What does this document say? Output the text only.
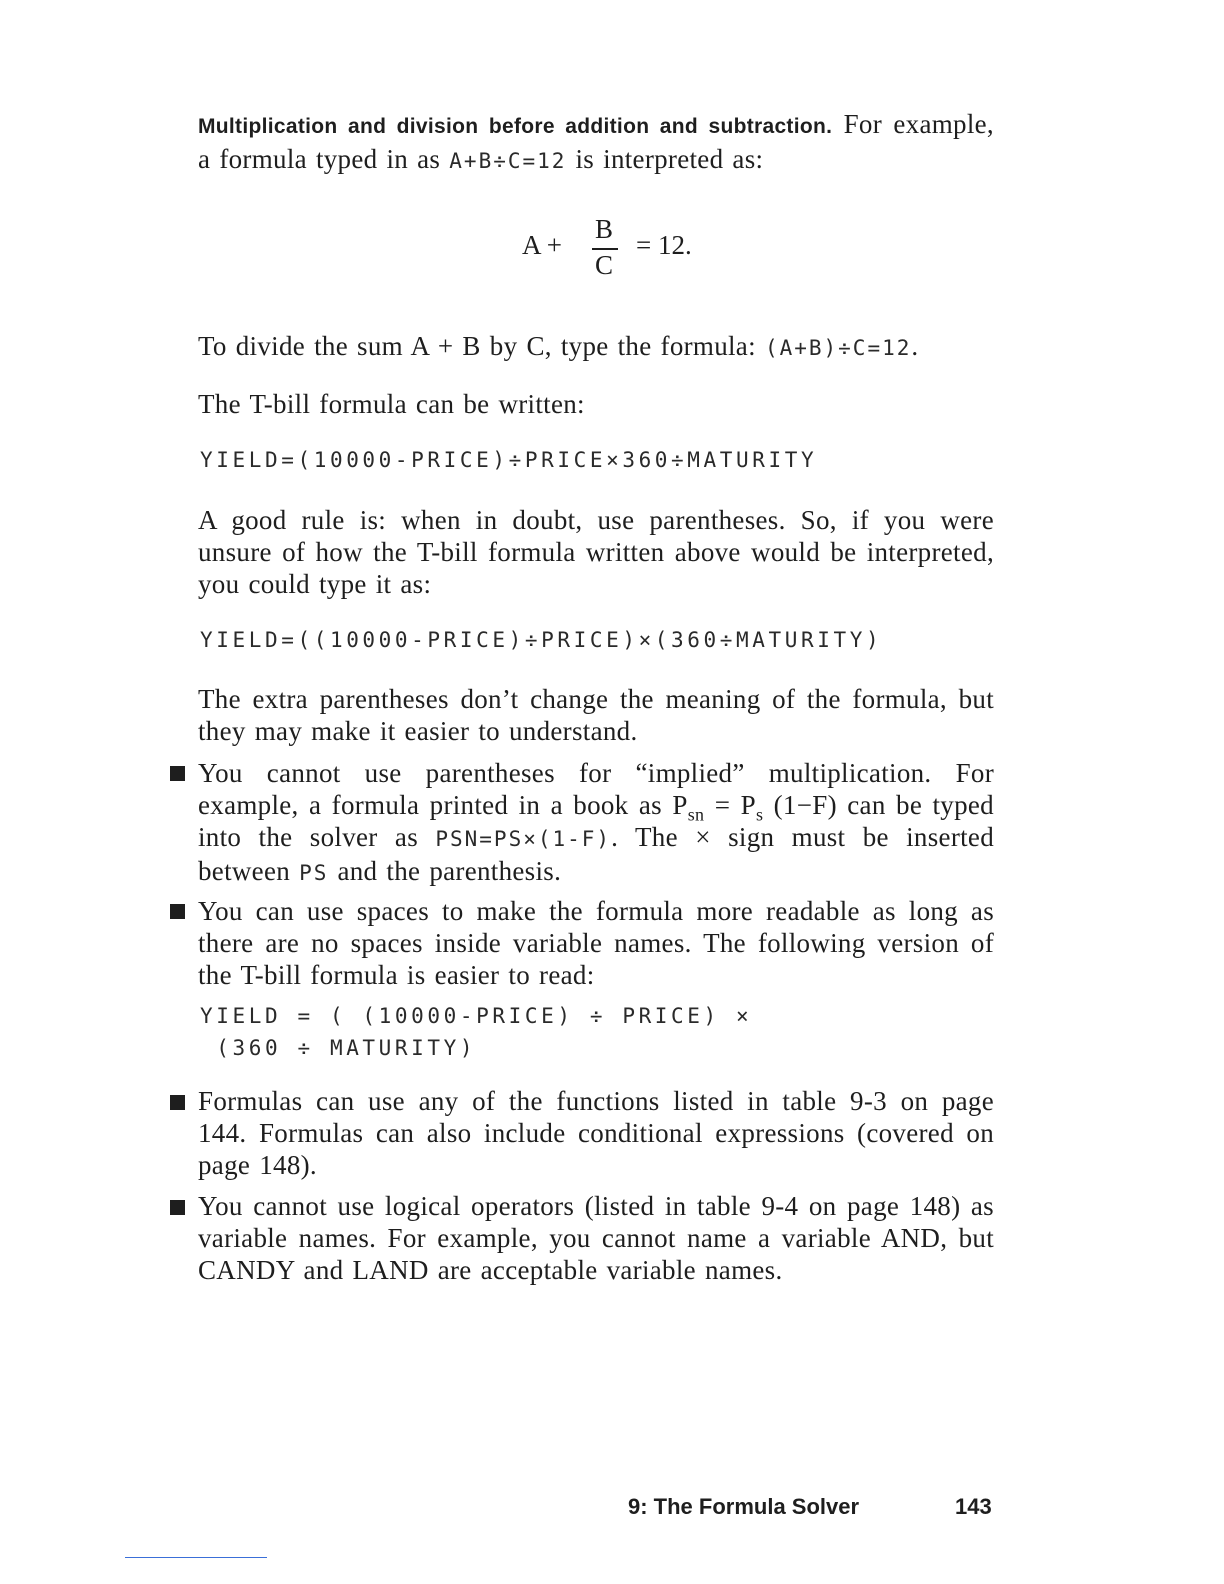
Multiplication and division before addition and subtraction. For example, a formula typed in as A+B÷C=12 is interpreted as:

A +
B
C
= 12.

To divide the sum A + B by C, type the formula: (A+B)÷C=12.

The T-bill formula can be written:

YIELD=(10000-PRICE)÷PRICE×360÷MATURITY

A good rule is: when in doubt, use parentheses. So, if you were unsure of how the T-bill formula written above would be interpreted, you could type it as:

YIELD=((10000-PRICE)÷PRICE)×(360÷MATURITY)

The extra parentheses don’t change the meaning of the formula, but they may make it easier to understand.

You cannot use parentheses for “implied” multiplication. For example, a formula printed in a book as $P_{sn} = P_s$ (1−F) can be typed into the solver as PSN=PS×(1-F). The × sign must be inserted between PS and the parenthesis.

You can use spaces to make the formula more readable as long as there are no spaces inside variable names. The following version of the T-bill formula is easier to read:

YIELD = ( (10000-PRICE) ÷ PRICE) ×
(360 ÷ MATURITY)

Formulas can use any of the functions listed in table 9-3 on page 144. Formulas can also include conditional expressions (covered on page 148).

You cannot use logical operators (listed in table 9-4 on page 148) as variable names. For example, you cannot name a variable AND, but CANDY and LAND are acceptable variable names.

9: The Formula Solver	143
